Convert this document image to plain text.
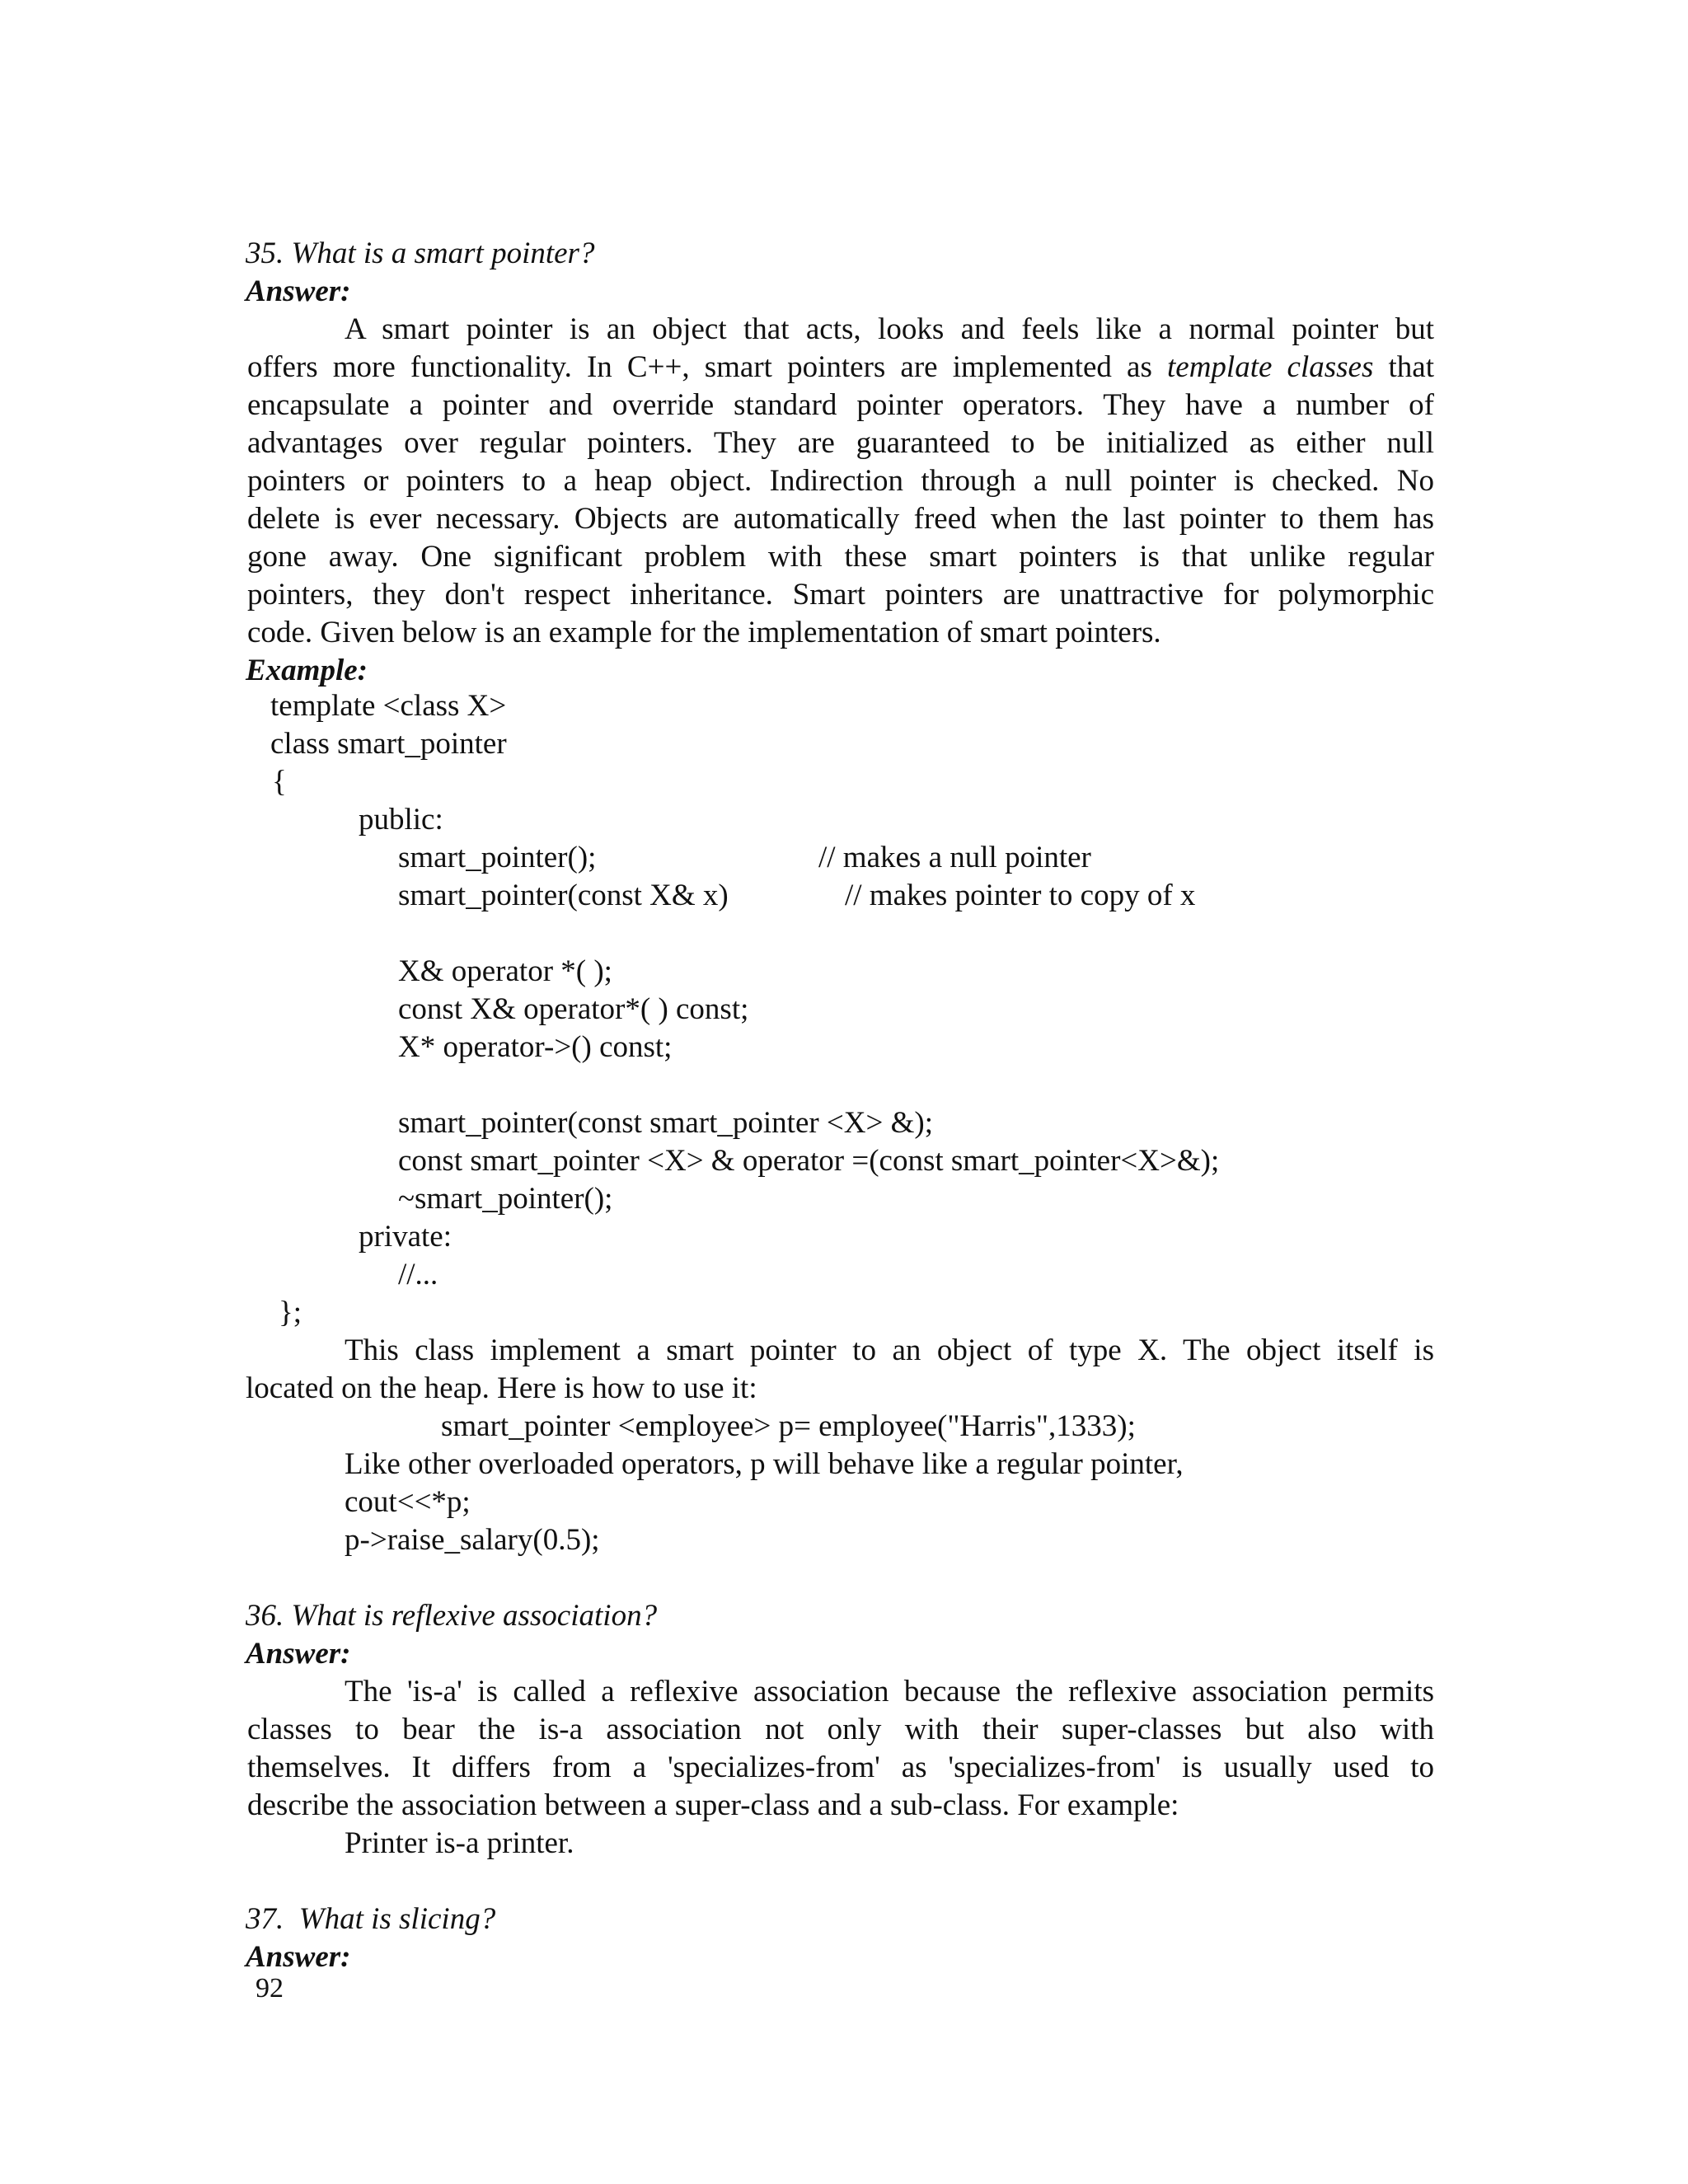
35. What is a smart pointer?
Answer:
A smart pointer is an object that acts, looks and feels like a normal pointer but
offers more functionality. In C++, smart pointers are implemented as template classes that
encapsulate a pointer and override standard pointer operators. They have a number of
advantages over regular pointers. They are guaranteed to be initialized as either null
pointers or pointers to a heap object. Indirection through a null pointer is checked. No
delete is ever necessary. Objects are automatically freed when the last pointer to them has
gone away. One significant problem with these smart pointers is that unlike regular
pointers, they don't respect inheritance. Smart pointers are unattractive for polymorphic
code. Given below is an example for the implementation of smart pointers.
Example:
template <class X>
class smart_pointer
{
public:
smart_pointer();	// makes a null pointer
smart_pointer(const X& x)	// makes pointer to copy of x
X& operator *( );
const X& operator*( ) const;
X* operator->() const;
smart_pointer(const smart_pointer <X> &);
const smart_pointer <X> & operator =(const smart_pointer<X>&);
~smart_pointer();
private:
//...
};
This class implement a smart pointer to an object of type X. The object itself is
located on the heap. Here is how to use it:
smart_pointer <employee> p= employee("Harris",1333);
Like other overloaded operators, p will behave like a regular pointer,
cout<<*p;
p->raise_salary(0.5);
36. What is reflexive association?
Answer:
The 'is-a' is called a reflexive association because the reflexive association permits
classes to bear the is-a association not only with their super-classes but also with
themselves. It differs from a 'specializes-from' as 'specializes-from' is usually used to
describe the association between a super-class and a sub-class. For example:
Printer is-a printer.
37.  What is slicing?
Answer:
92
